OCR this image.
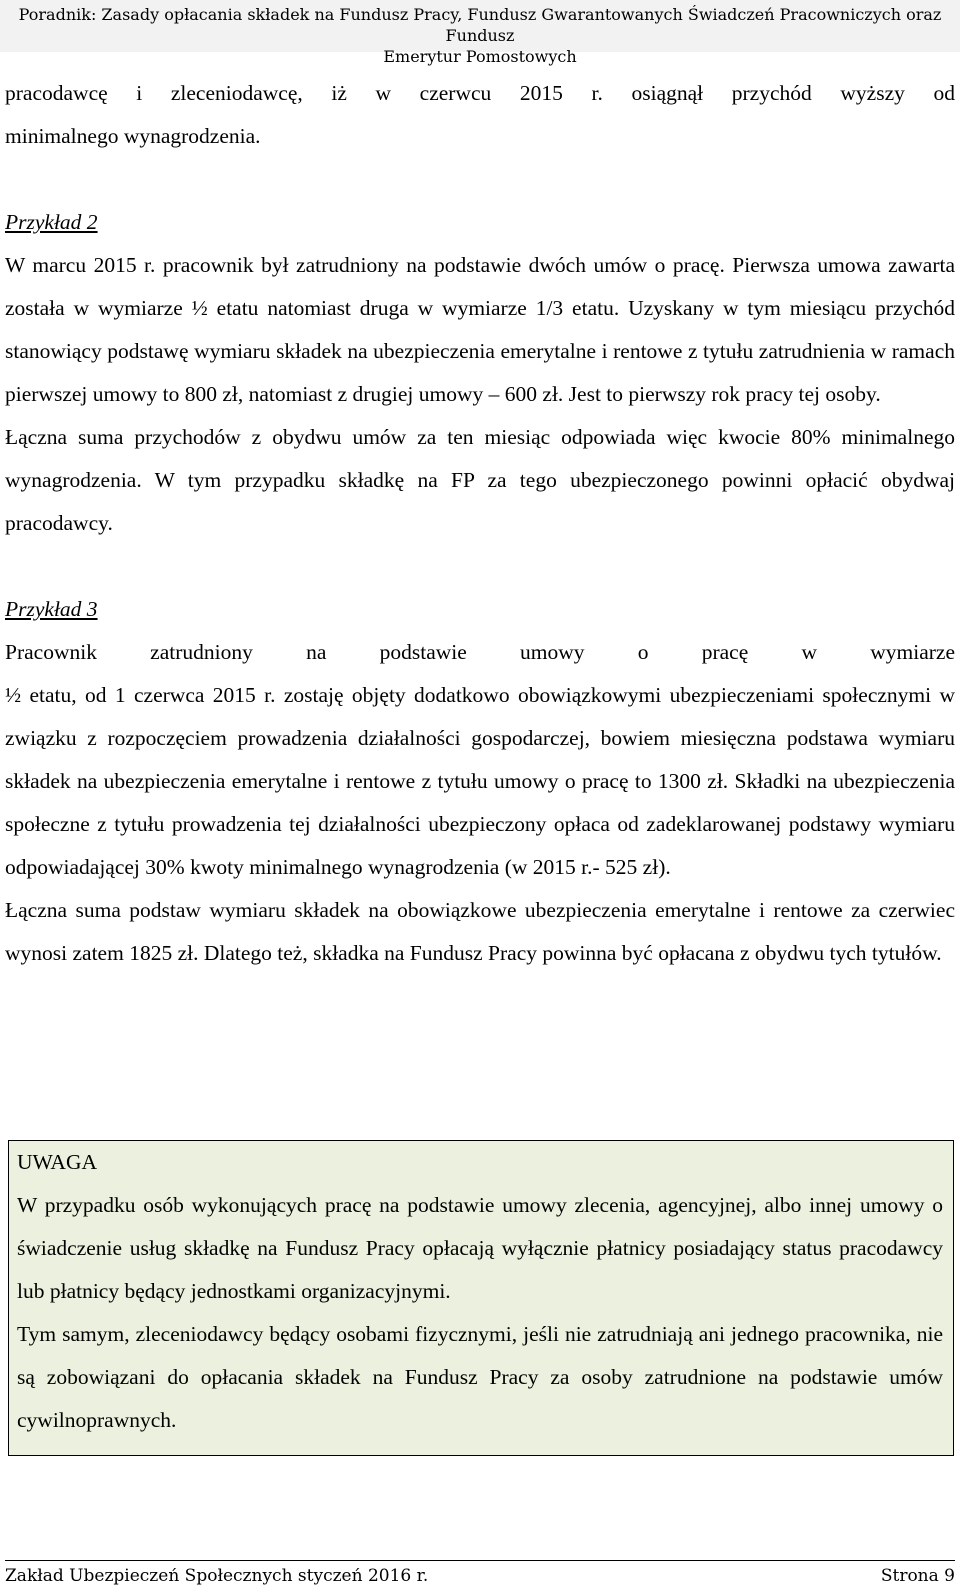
Poradnik: Zasady opłacania składek na Fundusz Pracy, Fundusz Gwarantowanych Świadczeń Pracowniczych oraz Fundusz
Emerytur Pomostowych

pracodawcę i zleceniodawcę, iż w czerwcu 2015 r. osiągnął przychód wyższy od

minimalnego wynagrodzenia.

Przykład 2

W marcu 2015 r. pracownik był zatrudniony na podstawie dwóch umów o pracę. Pierwsza umowa zawarta została w wymiarze ½ etatu natomiast druga w wymiarze 1/3 etatu. Uzyskany w tym miesiącu przychód stanowiący podstawę wymiaru składek na ubezpieczenia emerytalne i rentowe z tytułu zatrudnienia w ramach pierwszej umowy to 800 zł, natomiast z drugiej umowy – 600 zł. Jest to pierwszy rok pracy tej osoby.

Łączna suma przychodów z obydwu umów za ten miesiąc odpowiada więc kwocie 80% minimalnego wynagrodzenia. W tym przypadku składkę na FP za tego ubezpieczonego powinni opłacić obydwaj pracodawcy.

Przykład 3

Pracownik zatrudniony na podstawie umowy o pracę w wymiarze

½ etatu, od 1 czerwca 2015 r. zostaję objęty dodatkowo obowiązkowymi ubezpieczeniami społecznymi w związku z rozpoczęciem prowadzenia działalności gospodarczej, bowiem miesięczna podstawa wymiaru składek na ubezpieczenia emerytalne i rentowe z tytułu umowy o pracę to 1300 zł. Składki na ubezpieczenia społeczne z tytułu prowadzenia tej działalności ubezpieczony opłaca od zadeklarowanej podstawy wymiaru odpowiadającej 30% kwoty minimalnego wynagrodzenia (w 2015 r.- 525 zł).

Łączna suma podstaw wymiaru składek na obowiązkowe ubezpieczenia emerytalne i rentowe za czerwiec wynosi zatem 1825 zł. Dlatego też, składka na Fundusz Pracy powinna być opłacana z obydwu tych tytułów.

UWAGA

W przypadku osób wykonujących pracę na podstawie umowy zlecenia, agencyjnej, albo innej umowy o świadczenie usług składkę na Fundusz Pracy opłacają wyłącznie płatnicy posiadający status pracodawcy lub płatnicy będący jednostkami organizacyjnymi.

Tym samym, zleceniodawcy będący osobami fizycznymi, jeśli nie zatrudniają ani jednego pracownika, nie są zobowiązani do opłacania składek na Fundusz Pracy za osoby zatrudnione na podstawie umów cywilnoprawnych.

Zakład Ubezpieczeń Społecznych styczeń 2016 r.	Strona 9
